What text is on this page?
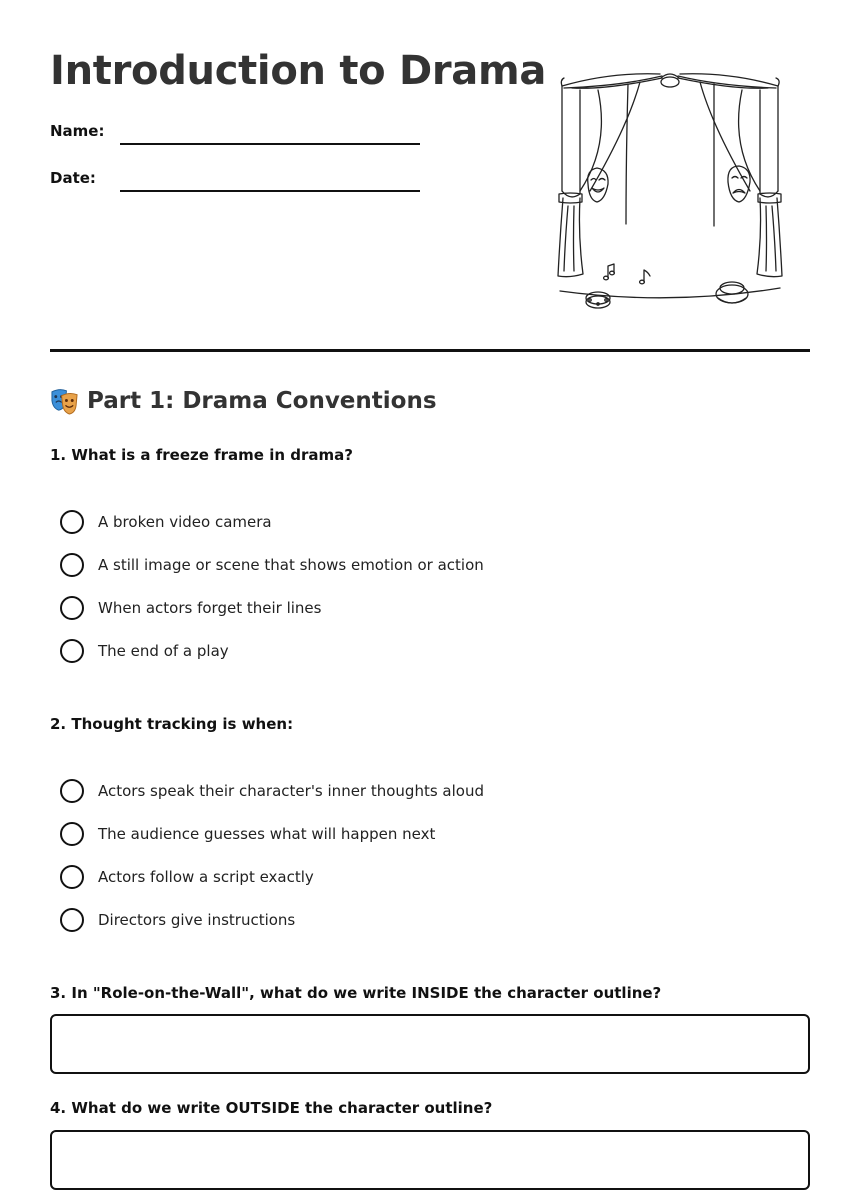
Introduction to Drama
Name:
Date:
Part 1: Drama Conventions
1. What is a freeze frame in drama?
A broken video camera
A still image or scene that shows emotion or action
When actors forget their lines
The end of a play
2. Thought tracking is when:
Actors speak their character's inner thoughts aloud
The audience guesses what will happen next
Actors follow a script exactly
Directors give instructions
3. In "Role-on-the-Wall", what do we write INSIDE the character outline?
4. What do we write OUTSIDE the character outline?
